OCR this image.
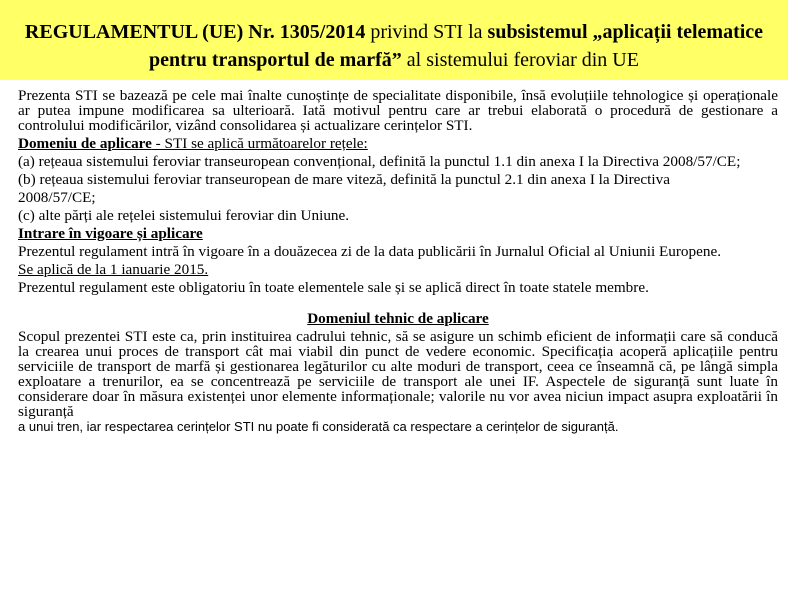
REGULAMENTUL (UE) Nr. 1305/2014 privind STI la subsistemul „aplicații telematice pentru transportul de marfă” al sistemului feroviar din UE

Prezenta STI se bazează pe cele mai înalte cunoștințe de specialitate disponibile, însă evoluțiile tehnologice și operaționale ar putea impune modificarea sa ulterioară. Iată motivul pentru care ar trebui elaborată o procedură de gestionare a controlului modificărilor, vizând consolidarea și actualizare cerințelor STI.

Domeniu de aplicare - STI se aplică următoarelor rețele:

(a) rețeaua sistemului feroviar transeuropean convențional, definită la punctul 1.1 din anexa I la Directiva 2008/57/CE;

(b) rețeaua sistemului feroviar transeuropean de mare viteză, definită la punctul 2.1 din anexa I la Directiva

2008/57/CE;

(c) alte părți ale rețelei sistemului feroviar din Uniune.

Intrare în vigoare și aplicare

Prezentul regulament intră în vigoare în a douăzecea zi de la data publicării în Jurnalul Oficial al Uniunii Europene.

Se aplică de la 1 ianuarie 2015.

Prezentul regulament este obligatoriu în toate elementele sale și se aplică direct în toate statele membre.

Domeniul tehnic de aplicare

Scopul prezentei STI este ca, prin instituirea cadrului tehnic, să se asigure un schimb eficient de informații care să conducă la crearea unui proces de transport cât mai viabil din punct de vedere economic. Specificația acoperă aplicațiile pentru serviciile de transport de marfă și gestionarea legăturilor cu alte moduri de transport, ceea ce înseamnă că, pe lângă simpla exploatare a trenurilor, ea se concentrează pe serviciile de transport ale unei IF. Aspectele de siguranță sunt luate în considerare doar în măsura existenței unor elemente informaționale; valorile nu vor avea niciun impact asupra exploatării în siguranță

a unui tren, iar respectarea cerințelor STI nu poate fi considerată ca respectare a cerințelor de siguranță.
